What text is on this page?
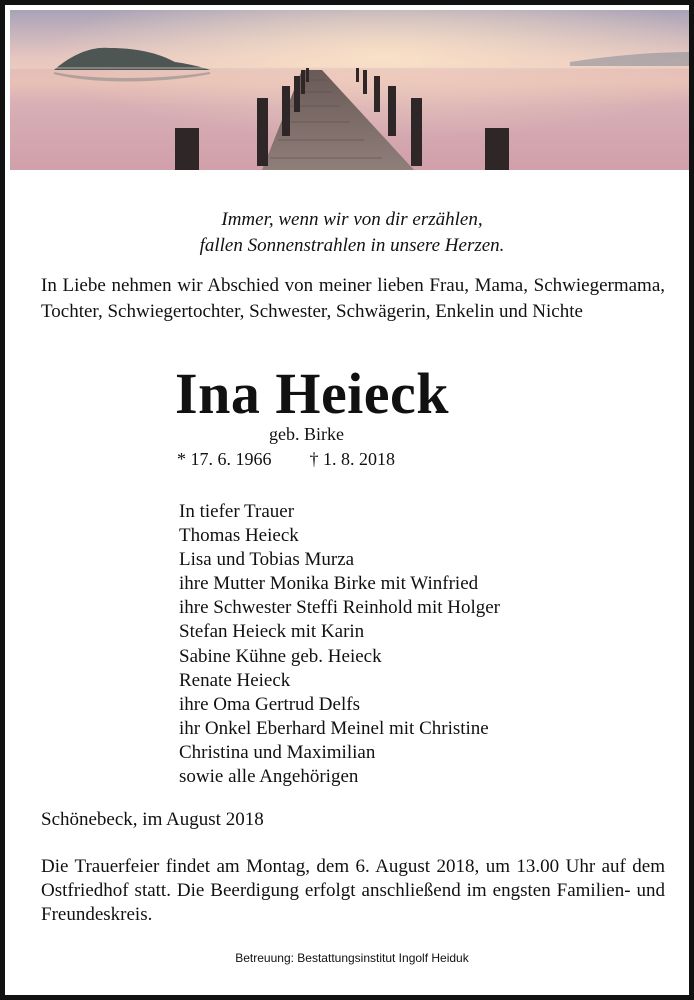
Immer, wenn wir von dir erzählen,
fallen Sonnenstrahlen in unsere Herzen.
In Liebe nehmen wir Abschied von meiner lieben Frau, Mama, Schwiegermama, Tochter, Schwiegertochter, Schwester, Schwägerin, Enkelin und Nichte
Ina Heieck
geb. Birke
* 17. 6. 1966 † 1. 8. 2018
In tiefer Trauer
Thomas Heieck
Lisa und Tobias Murza
ihre Mutter Monika Birke mit Winfried
ihre Schwester Steffi Reinhold mit Holger
Stefan Heieck mit Karin
Sabine Kühne geb. Heieck
Renate Heieck
ihre Oma Gertrud Delfs
ihr Onkel Eberhard Meinel mit Christine
Christina und Maximilian
sowie alle Angehörigen
Schönebeck, im August 2018
Die Trauerfeier findet am Montag, dem 6. August 2018, um 13.00 Uhr auf dem Ostfriedhof statt. Die Beerdigung erfolgt anschließend im engsten Familien- und Freundeskreis.
Betreuung: Bestattungsinstitut Ingolf Heiduk
